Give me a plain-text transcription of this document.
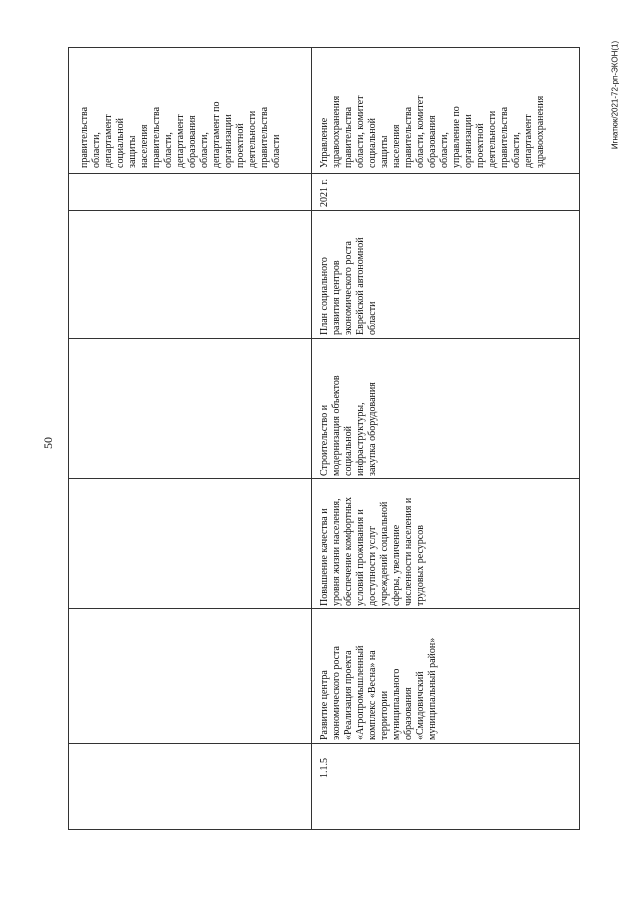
50
Игнатюк/2021-72-рп-ЭКОН(1)
правительства
области,
департамент
социальной
защиты
населения
правительства
области,
департамент
образования
области,
департамент по
организации
проектной
деятельности
правительства
области	Управление
здравоохранения
правительства
области, комитет
социальной
защиты
населения
правительства
области, комитет
образования
области,
управление по
организации
проектной
деятельности
правительства
области,
департамент
здравоохранения
2021 г.
План социального
развития центров
экономического роста
Еврейской автономной
области
Строительство и
модернизация объектов
социальной
инфраструктуры,
закупка оборудования
Повышение качества и
уровня жизни населения,
обеспечение комфортных
условий проживания и
доступности услуг
учреждений социальной
сферы, увеличение
численности населения и
трудовых ресурсов
Развитие центра
экономического роста
«Реализация проекта
«Агропромышленный
комплекс «Весна» на
территории
муниципального
образования
«Смидовичский
муниципальный район»
1.1.5
